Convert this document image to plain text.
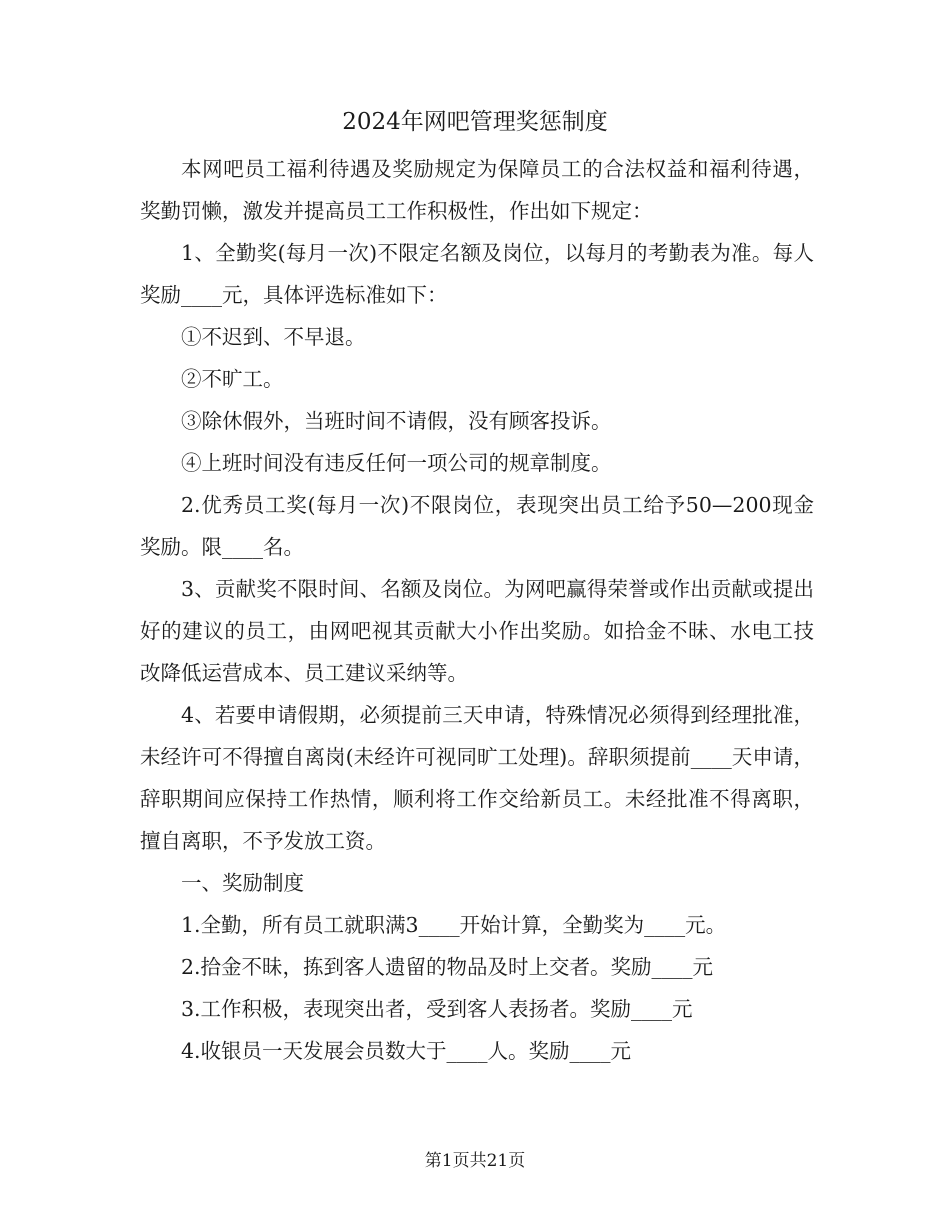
2024年网吧管理奖惩制度

本网吧员工福利待遇及奖励规定为保障员工的合法权益和福利待遇，奖勤罚懒，激发并提高员工工作积极性，作出如下规定：

1、全勤奖(每月一次)不限定名额及岗位，以每月的考勤表为准。每人奖励____元，具体评选标准如下：

①不迟到、不早退。

②不旷工。

③除休假外，当班时间不请假，没有顾客投诉。

④上班时间没有违反任何一项公司的规章制度。

2.优秀员工奖(每月一次)不限岗位，表现突出员工给予50—200现金奖励。限____名。

3、贡献奖不限时间、名额及岗位。为网吧赢得荣誉或作出贡献或提出好的建议的员工，由网吧视其贡献大小作出奖励。如拾金不昧、水电工技改降低运营成本、员工建议采纳等。

4、若要申请假期，必须提前三天申请，特殊情况必须得到经理批准，未经许可不得擅自离岗(未经许可视同旷工处理)。辞职须提前____天申请，辞职期间应保持工作热情，顺利将工作交给新员工。未经批准不得离职，擅自离职，不予发放工资。

一、奖励制度

1.全勤，所有员工就职满3____开始计算，全勤奖为____元。

2.拾金不昧，拣到客人遗留的物品及时上交者。奖励____元

3.工作积极，表现突出者，受到客人表扬者。奖励____元

4.收银员一天发展会员数大于____人。奖励____元

第1页共21页
